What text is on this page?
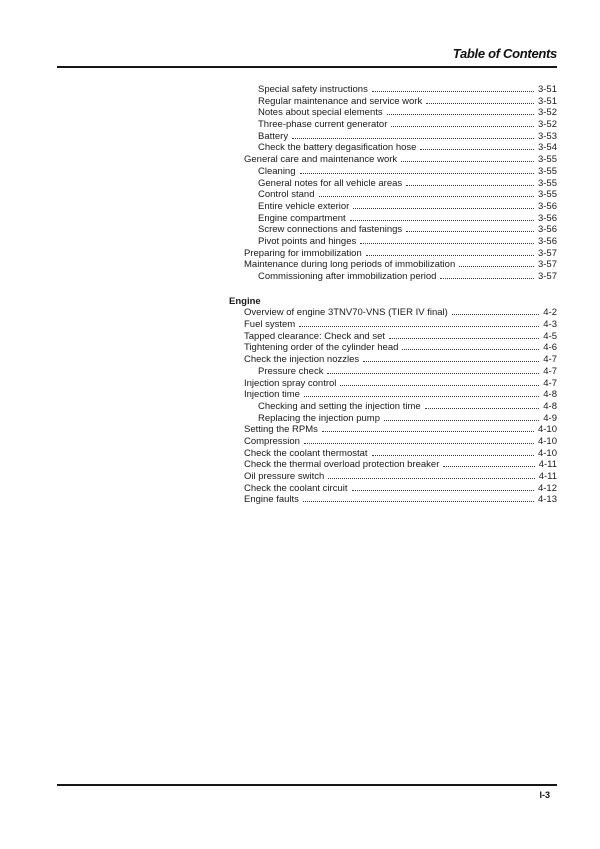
Table of Contents
Special safety instructions	3-51
Regular maintenance and service work	3-51
Notes about special elements	3-52
Three-phase current generator	3-52
Battery	3-53
Check the battery degasification hose	3-54
General care and maintenance work	3-55
Cleaning	3-55
General notes for all vehicle areas	3-55
Control stand	3-55
Entire vehicle exterior	3-56
Engine compartment	3-56
Screw connections and fastenings	3-56
Pivot points and hinges	3-56
Preparing for immobilization	3-57
Maintenance during long periods of immobilization	3-57
Commissioning after immobilization period	3-57
Engine
Overview of engine 3TNV70-VNS (TIER IV final)	4-2
Fuel system	4-3
Tapped clearance: Check and set	4-5
Tightening order of the cylinder head	4-6
Check the injection nozzles	4-7
Pressure check	4-7
Injection spray control	4-7
Injection time	4-8
Checking and setting the injection time	4-8
Replacing the injection pump	4-9
Setting the RPMs	4-10
Compression	4-10
Check the coolant thermostat	4-10
Check the thermal overload protection breaker	4-11
Oil pressure switch	4-11
Check the coolant circuit	4-12
Engine faults	4-13
I-3
